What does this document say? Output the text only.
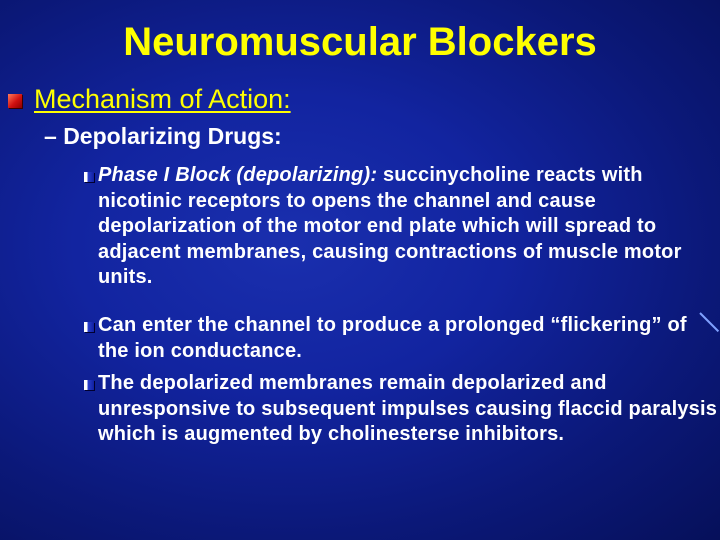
Neuromuscular Blockers
Mechanism of Action:
– Depolarizing Drugs:
Phase I Block (depolarizing): succinycholine reacts with nicotinic receptors to opens the channel and cause depolarization of the motor end plate which will spread to adjacent membranes, causing contractions of muscle motor units.
Can enter the channel to produce a prolonged “flickering” of the ion conductance.
The depolarized membranes remain depolarized and unresponsive to subsequent impulses causing flaccid paralysis which is augmented by cholinesterse inhibitors.
